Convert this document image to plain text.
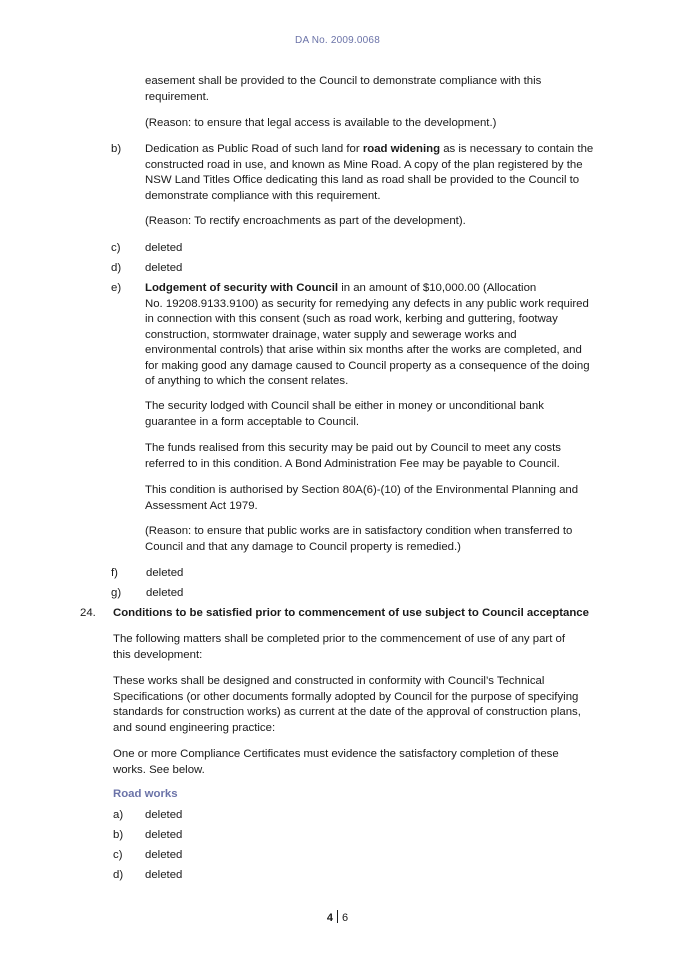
DA No. 2009.0068
easement shall be provided to the Council to demonstrate compliance with this
requirement.
(Reason: to ensure that legal access is available to the development.)
b) Dedication as Public Road of such land for road widening as is necessary to contain the
constructed road in use, and known as Mine Road. A copy of the plan registered by the
NSW Land Titles Office dedicating this land as road shall be provided to the Council to
demonstrate compliance with this requirement.
(Reason: To rectify encroachments as part of the development).
c) deleted
d) deleted
e) Lodgement of security with Council in an amount of $10,000.00 (Allocation
No. 19208.9133.9100) as security for remedying any defects in any public work required
in connection with this consent (such as road work, kerbing and guttering, footway
construction, stormwater drainage, water supply and sewerage works and
environmental controls) that arise within six months after the works are completed, and
for making good any damage caused to Council property as a consequence of the doing
of anything to which the consent relates.
The security lodged with Council shall be either in money or unconditional bank
guarantee in a form acceptable to Council.
The funds realised from this security may be paid out by Council to meet any costs
referred to in this condition. A Bond Administration Fee may be payable to Council.
This condition is authorised by Section 80A(6)-(10) of the Environmental Planning and
Assessment Act 1979.
(Reason: to ensure that public works are in satisfactory condition when transferred to
Council and that any damage to Council property is remedied.)
f) deleted
g) deleted
24. Conditions to be satisfied prior to commencement of use subject to Council acceptance
The following matters shall be completed prior to the commencement of use of any part of
this development:
These works shall be designed and constructed in conformity with Council’s Technical
Specifications (or other documents formally adopted by Council for the purpose of specifying
standards for construction works) as current at the date of the approval of construction plans,
and sound engineering practice:
One or more Compliance Certificates must evidence the satisfactory completion of these
works. See below.
Road works
a) deleted
b) deleted
c) deleted
d) deleted
4 6
